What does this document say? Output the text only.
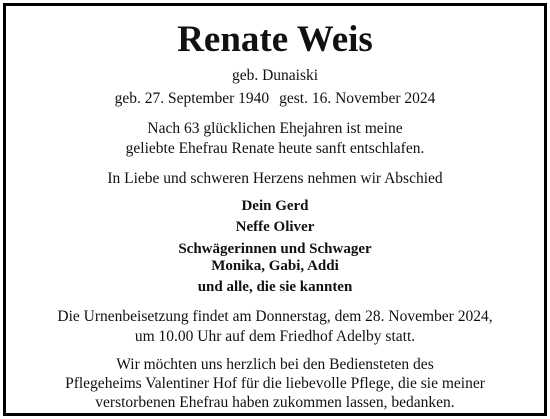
Renate Weis
geb. Dunaiski
geb. 27. September 1940 gest. 16. November 2024
Nach 63 glücklichen Ehejahren ist meine
geliebte Ehefrau Renate heute sanft entschlafen.
In Liebe und schweren Herzens nehmen wir Abschied
Dein Gerd
Neffe Oliver
Schwägerinnen und Schwager
Monika, Gabi, Addi
und alle, die sie kannten
Die Urnenbeisetzung findet am Donnerstag, dem 28. November 2024,
um 10.00 Uhr auf dem Friedhof Adelby statt.
Wir möchten uns herzlich bei den Bediensteten des
Pflegeheims Valentiner Hof für die liebevolle Pflege, die sie meiner
verstorbenen Ehefrau haben zukommen lassen, bedanken.
